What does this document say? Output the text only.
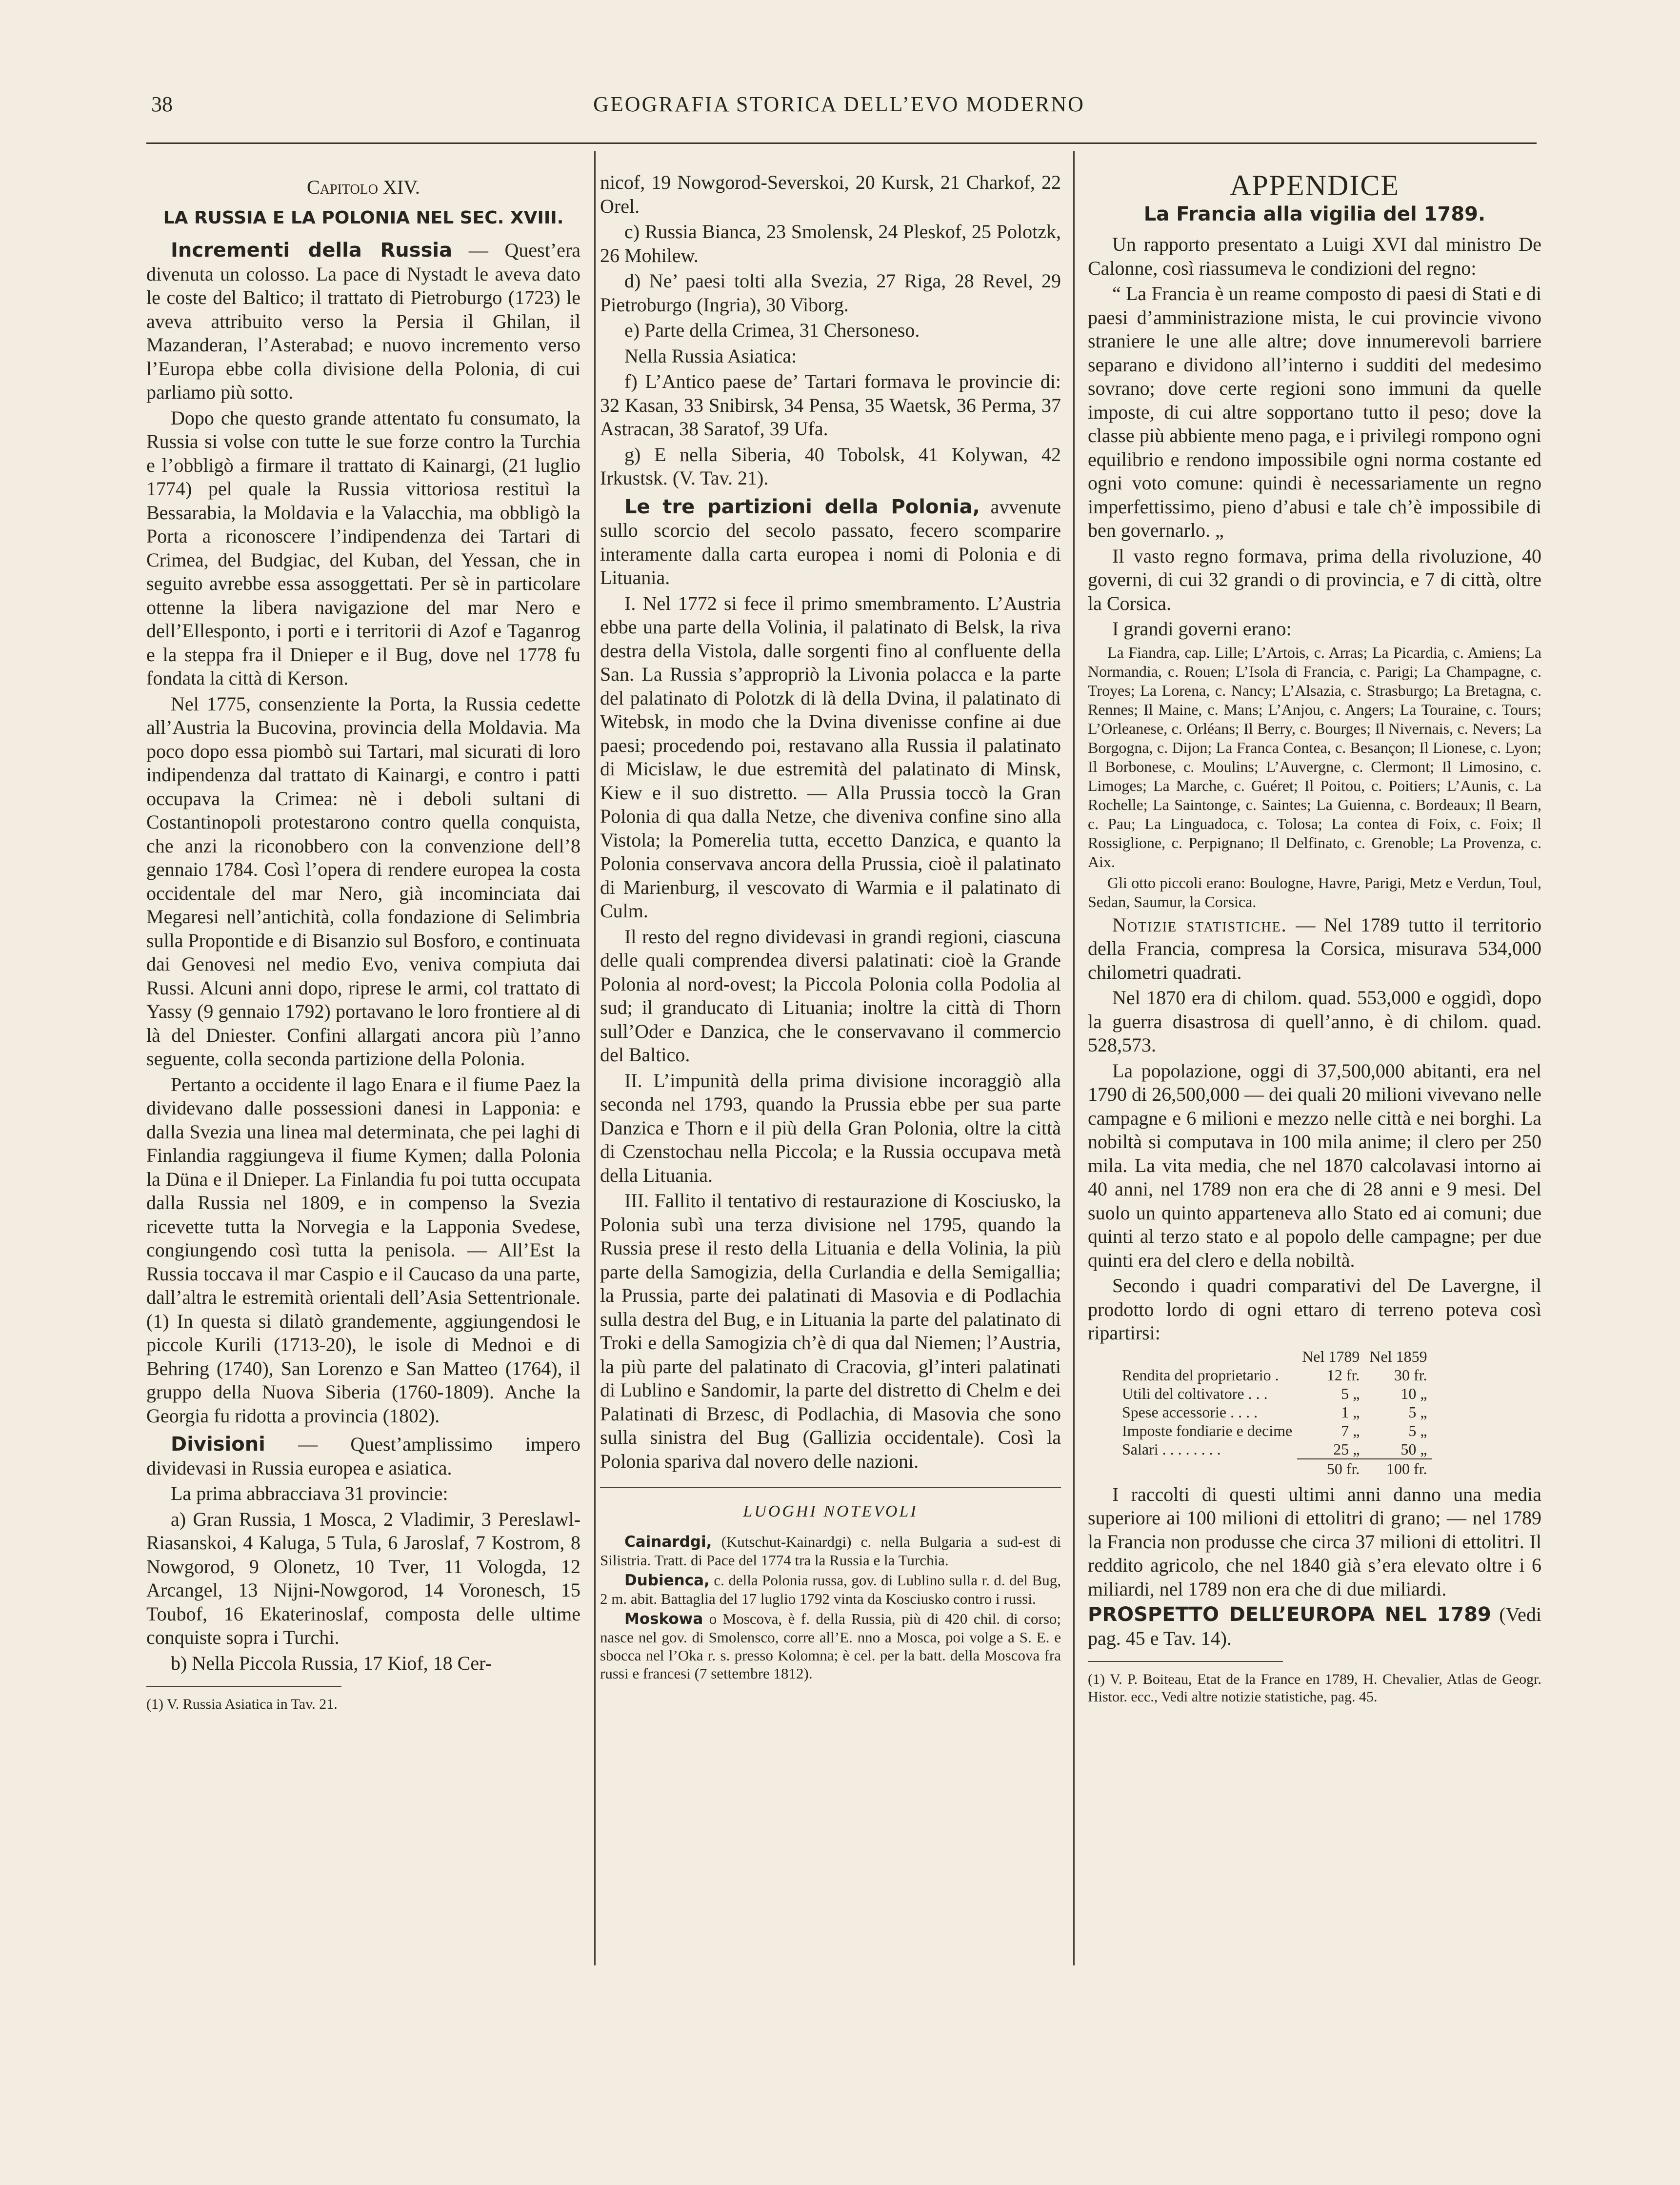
38	GEOGRAFIA STORICA DELL’EVO MODERNO
Capitolo XIV.
LA RUSSIA E LA POLONIA NEL SEC. XVIII.

Incrementi della Russia — Quest’era divenuta un colosso. La pace di Nystadt le aveva dato le coste del Baltico; il trattato di Pietroburgo (1723) le aveva attribuito verso la Persia il Ghilan, il Mazanderan, l’Asterabad; e nuovo incremento verso l’Europa ebbe colla divisione della Polonia, di cui parliamo più sotto.

Dopo che questo grande attentato fu consumato, la Russia si volse con tutte le sue forze contro la Turchia e l’obbligò a firmare il trattato di Kainargi, (21 luglio 1774) pel quale la Russia vittoriosa restituì la Bessarabia, la Moldavia e la Valacchia, ma obbligò la Porta a riconoscere l’indipendenza dei Tartari di Crimea, del Budgiac, del Kuban, del Yessan, che in seguito avrebbe essa assoggettati. Per sè in particolare ottenne la libera navigazione del mar Nero e dell’Ellesponto, i porti e i territorii di Azof e Taganrog e la steppa fra il Dnieper e il Bug, dove nel 1778 fu fondata la città di Kerson.

Nel 1775, consenziente la Porta, la Russia cedette all’Austria la Bucovina, provincia della Moldavia. Ma poco dopo essa piombò sui Tartari, mal sicurati di loro indipendenza dal trattato di Kainargi, e contro i patti occupava la Crimea: nè i deboli sultani di Costantinopoli protestarono contro quella conquista, che anzi la riconobbero con la convenzione dell’8 gennaio 1784. Così l’opera di rendere europea la costa occidentale del mar Nero, già incominciata dai Megaresi nell’antichità, colla fondazione di Selimbria sulla Propontide e di Bisanzio sul Bosforo, e continuata dai Genovesi nel medio Evo, veniva compiuta dai Russi. Alcuni anni dopo, riprese le armi, col trattato di Yassy (9 gennaio 1792) portavano le loro frontiere al di là del Dniester. Confini allargati ancora più l’anno seguente, colla seconda partizione della Polonia.

Pertanto a occidente il lago Enara e il fiume Paez la dividevano dalle possessioni danesi in Lapponia: e dalla Svezia una linea mal determinata, che pei laghi di Finlandia raggiungeva il fiume Kymen; dalla Polonia la Düna e il Dnieper. La Finlandia fu poi tutta occupata dalla Russia nel 1809, e in compenso la Svezia ricevette tutta la Norvegia e la Lapponia Svedese, congiungendo così tutta la penisola. — All’Est la Russia toccava il mar Caspio e il Caucaso da una parte, dall’altra le estremità orientali dell’Asia Settentrionale. (1) In questa si dilatò grandemente, aggiungendosi le piccole Kurili (1713-20), le isole di Mednoi e di Behring (1740), San Lorenzo e San Matteo (1764), il gruppo della Nuova Siberia (1760-1809). Anche la Georgia fu ridotta a provincia (1802).

Divisioni — Quest’amplissimo impero dividevasi in Russia europea e asiatica.

La prima abbracciava 31 provincie:

a) Gran Russia, 1 Mosca, 2 Vladimir, 3 Pereslawl-Riasanskoi, 4 Kaluga, 5 Tula, 6 Jaroslaf, 7 Kostrom, 8 Nowgorod, 9 Olonetz, 10 Tver, 11 Vologda, 12 Arcangel, 13 Nijni-Nowgorod, 14 Voronesch, 15 Toubof, 16 Ekaterinoslaf, composta delle ultime conquiste sopra i Turchi.

b) Nella Piccola Russia, 17 Kiof, 18 Cer-

(1) V. Russia Asiatica in Tav. 21.

nicof, 19 Nowgorod-Severskoi, 20 Kursk, 21 Charkof, 22 Orel.

c) Russia Bianca, 23 Smolensk, 24 Pleskof, 25 Polotzk, 26 Mohilew.

d) Ne’ paesi tolti alla Svezia, 27 Riga, 28 Revel, 29 Pietroburgo (Ingria), 30 Viborg.

e) Parte della Crimea, 31 Chersoneso.

Nella Russia Asiatica:

f) L’Antico paese de’ Tartari formava le provincie di: 32 Kasan, 33 Snibirsk, 34 Pensa, 35 Waetsk, 36 Perma, 37 Astracan, 38 Saratof, 39 Ufa.

g) E nella Siberia, 40 Tobolsk, 41 Kolywan, 42 Irkustsk. (V. Tav. 21).

Le tre partizioni della Polonia, avvenute sullo scorcio del secolo passato, fecero scomparire interamente dalla carta europea i nomi di Polonia e di Lituania.

I. Nel 1772 si fece il primo smembramento. L’Austria ebbe una parte della Volinia, il palatinato di Belsk, la riva destra della Vistola, dalle sorgenti fino al confluente della San. La Russia s’appropriò la Livonia polacca e la parte del palatinato di Polotzk di là della Dvina, il palatinato di Witebsk, in modo che la Dvina divenisse confine ai due paesi; procedendo poi, restavano alla Russia il palatinato di Micislaw, le due estremità del palatinato di Minsk, Kiew e il suo distretto. — Alla Prussia toccò la Gran Polonia di qua dalla Netze, che diveniva confine sino alla Vistola; la Pomerelia tutta, eccetto Danzica, e quanto la Polonia conservava ancora della Prussia, cioè il palatinato di Marienburg, il vescovato di Warmia e il palatinato di Culm.

Il resto del regno dividevasi in grandi regioni, ciascuna delle quali comprendea diversi palatinati: cioè la Grande Polonia al nord-ovest; la Piccola Polonia colla Podolia al sud; il granducato di Lituania; inoltre la città di Thorn sull’Oder e Danzica, che le conservavano il commercio del Baltico.

II. L’impunità della prima divisione incoraggiò alla seconda nel 1793, quando la Prussia ebbe per sua parte Danzica e Thorn e il più della Gran Polonia, oltre la città di Czenstochau nella Piccola; e la Russia occupava metà della Lituania.

III. Fallito il tentativo di restaurazione di Kosciusko, la Polonia subì una terza divisione nel 1795, quando la Russia prese il resto della Lituania e della Volinia, la più parte della Samogizia, della Curlandia e della Semigallia; la Prussia, parte dei palatinati di Masovia e di Podlachia sulla destra del Bug, e in Lituania la parte del palatinato di Troki e della Samogizia ch’è di qua dal Niemen; l’Austria, la più parte del palatinato di Cracovia, gl’interi palatinati di Lublino e Sandomir, la parte del distretto di Chelm e dei Palatinati di Brzesc, di Podlachia, di Masovia che sono sulla sinistra del Bug (Gallizia occidentale). Così la Polonia spariva dal novero delle nazioni.

LUOGHI NOTEVOLI

Cainardgi, (Kutschut-Kainardgi) c. nella Bulgaria a sud-est di Silistria. Tratt. di Pace del 1774 tra la Russia e la Turchia.

Dubienca, c. della Polonia russa, gov. di Lublino sulla r. d. del Bug, 2 m. abit. Battaglia del 17 luglio 1792 vinta da Kosciusko contro i russi.

Moskowa o Moscova, è f. della Russia, più di 420 chil. di corso; nasce nel gov. di Smolensco, corre all’E. nno a Mosca, poi volge a S. E. e sbocca nel l’Oka r. s. presso Kolomna; è cel. per la batt. della Moscova fra russi e francesi (7 settembre 1812).

APPENDICE
La Francia alla vigilia del 1789.

Un rapporto presentato a Luigi XVI dal ministro De Calonne, così riassumeva le condizioni del regno:

“ La Francia è un reame composto di paesi di Stati e di paesi d’amministrazione mista, le cui provincie vivono straniere le une alle altre; dove innumerevoli barriere separano e dividono all’interno i sudditi del medesimo sovrano; dove certe regioni sono immuni da quelle imposte, di cui altre sopportano tutto il peso; dove la classe più abbiente meno paga, e i privilegi rompono ogni equilibrio e rendono impossibile ogni norma costante ed ogni voto comune: quindi è necessariamente un regno imperfettissimo, pieno d’abusi e tale ch’è impossibile di ben governarlo. „

Il vasto regno formava, prima della rivoluzione, 40 governi, di cui 32 grandi o di provincia, e 7 di città, oltre la Corsica.

I grandi governi erano:

La Fiandra, cap. Lille; L’Artois, c. Arras; La Picardia, c. Amiens; La Normandia, c. Rouen; L’Isola di Francia, c. Parigi; La Champagne, c. Troyes; La Lorena, c. Nancy; L’Alsazia, c. Strasburgo; La Bretagna, c. Rennes; Il Maine, c. Mans; L’Anjou, c. Angers; La Touraine, c. Tours; L’Orleanese, c. Orléans; Il Berry, c. Bourges; Il Nivernais, c. Nevers; La Borgogna, c. Dijon; La Franca Contea, c. Besançon; Il Lionese, c. Lyon; Il Borbonese, c. Moulins; L’Auvergne, c. Clermont; Il Limosino, c. Limoges; La Marche, c. Guéret; Il Poitou, c. Poitiers; L’Aunis, c. La Rochelle; La Saintonge, c. Saintes; La Guienna, c. Bordeaux; Il Bearn, c. Pau; La Linguadoca, c. Tolosa; La contea di Foix, c. Foix; Il Rossiglione, c. Perpignano; Il Delfinato, c. Grenoble; La Provenza, c. Aix.

Gli otto piccoli erano: Boulogne, Havre, Parigi, Metz e Verdun, Toul, Sedan, Saumur, la Corsica.

Notizie statistiche. — Nel 1789 tutto il territorio della Francia, compresa la Corsica, misurava 534,000 chilometri quadrati.

Nel 1870 era di chilom. quad. 553,000 e oggidì, dopo la guerra disastrosa di quell’anno, è di chilom. quad. 528,573.

La popolazione, oggi di 37,500,000 abitanti, era nel 1790 di 26,500,000 — dei quali 20 milioni vivevano nelle campagne e 6 milioni e mezzo nelle città e nei borghi. La nobiltà si computava in 100 mila anime; il clero per 250 mila. La vita media, che nel 1870 calcolavasi intorno ai 40 anni, nel 1789 non era che di 28 anni e 9 mesi. Del suolo un quinto apparteneva allo Stato ed ai comuni; due quinti al terzo stato e al popolo delle campagne; per due quinti era del clero e della nobiltà.

Secondo i quadri comparativi del De Lavergne, il prodotto lordo di ogni ettaro di terreno poteva così ripartirsi:

	Nel 1789	Nel 1859
Rendita del proprietario .	12 fr.	30 fr.
Utili del coltivatore . . .	5 „	10 „
Spese accessorie . . . .	1 „	5 „
Imposte fondiarie e decime	7 „	5 „
Salari . . . . . . . .	25 „	50 „
	50 fr.	100 fr.

I raccolti di questi ultimi anni danno una media superiore ai 100 milioni di ettolitri di grano; — nel 1789 la Francia non produsse che circa 37 milioni di ettolitri. Il reddito agricolo, che nel 1840 già s’era elevato oltre i 6 miliardi, nel 1789 non era che di due miliardi.

PROSPETTO DELL’EUROPA NEL 1789 (Vedi pag. 45 e Tav. 14).

(1) V. P. Boiteau, Etat de la France en 1789, H. Chevalier, Atlas de Geogr. Histor. ecc., Vedi altre notizie statistiche, pag. 45.
